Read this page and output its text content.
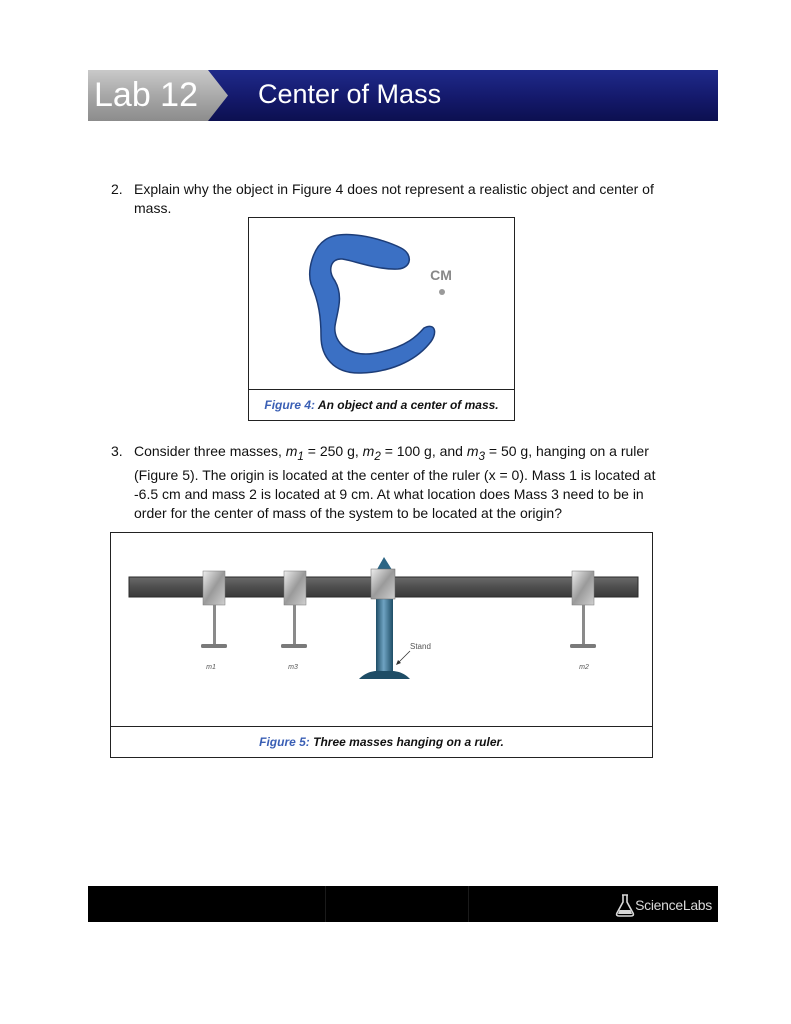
Lab 12 Center of Mass
2. Explain why the object in Figure 4 does not represent a realistic object and center of mass.
CM
Figure 4: An object and a center of mass.
3. Consider three masses, $m_1 = 250$ g, $m_2 = 100$ g, and $m_3 = 50$ g, hanging on a ruler (Figure 5). The origin is located at the center of the ruler (x = 0). Mass 1 is located at -6.5 cm and mass 2 is located at 9 cm. At what location does Mass 3 need to be in order for the center of mass of the system to be located at the origin?
m1	m3	m2
Stand
Figure 5: Three masses hanging on a ruler.
ScienceLabs
